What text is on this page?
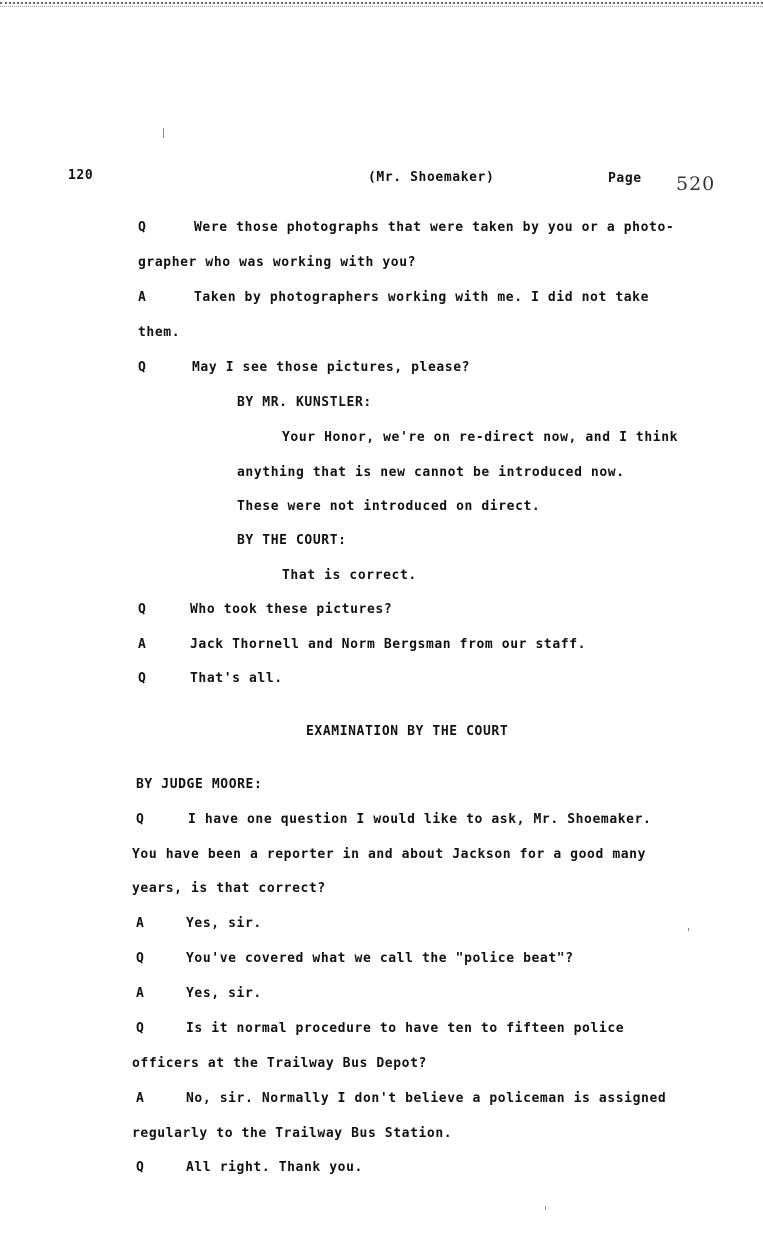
120	(Mr. Shoemaker)	Page 520
Q	Were those photographs that were taken by you or a photo-
grapher who was working with you?
A	Taken by photographers working with me. I did not take
them.
Q	May I see those pictures, please?
BY MR. KUNSTLER:
Your Honor, we're on re-direct now, and I think
anything that is new cannot be introduced now.
These were not introduced on direct.
BY THE COURT:
That is correct.
Q	Who took these pictures?
A	Jack Thornell and Norm Bergsman from our staff.
Q	That's all.
EXAMINATION BY THE COURT
BY JUDGE MOORE:
Q	I have one question I would like to ask, Mr. Shoemaker.
You have been a reporter in and about Jackson for a good many
years, is that correct?
A	Yes, sir.
Q	You've covered what we call the "police beat"?
A	Yes, sir.
Q	Is it normal procedure to have ten to fifteen police
officers at the Trailway Bus Depot?
A	No, sir. Normally I don't believe a policeman is assigned
regularly to the Trailway Bus Station.
Q	All right. Thank you.
